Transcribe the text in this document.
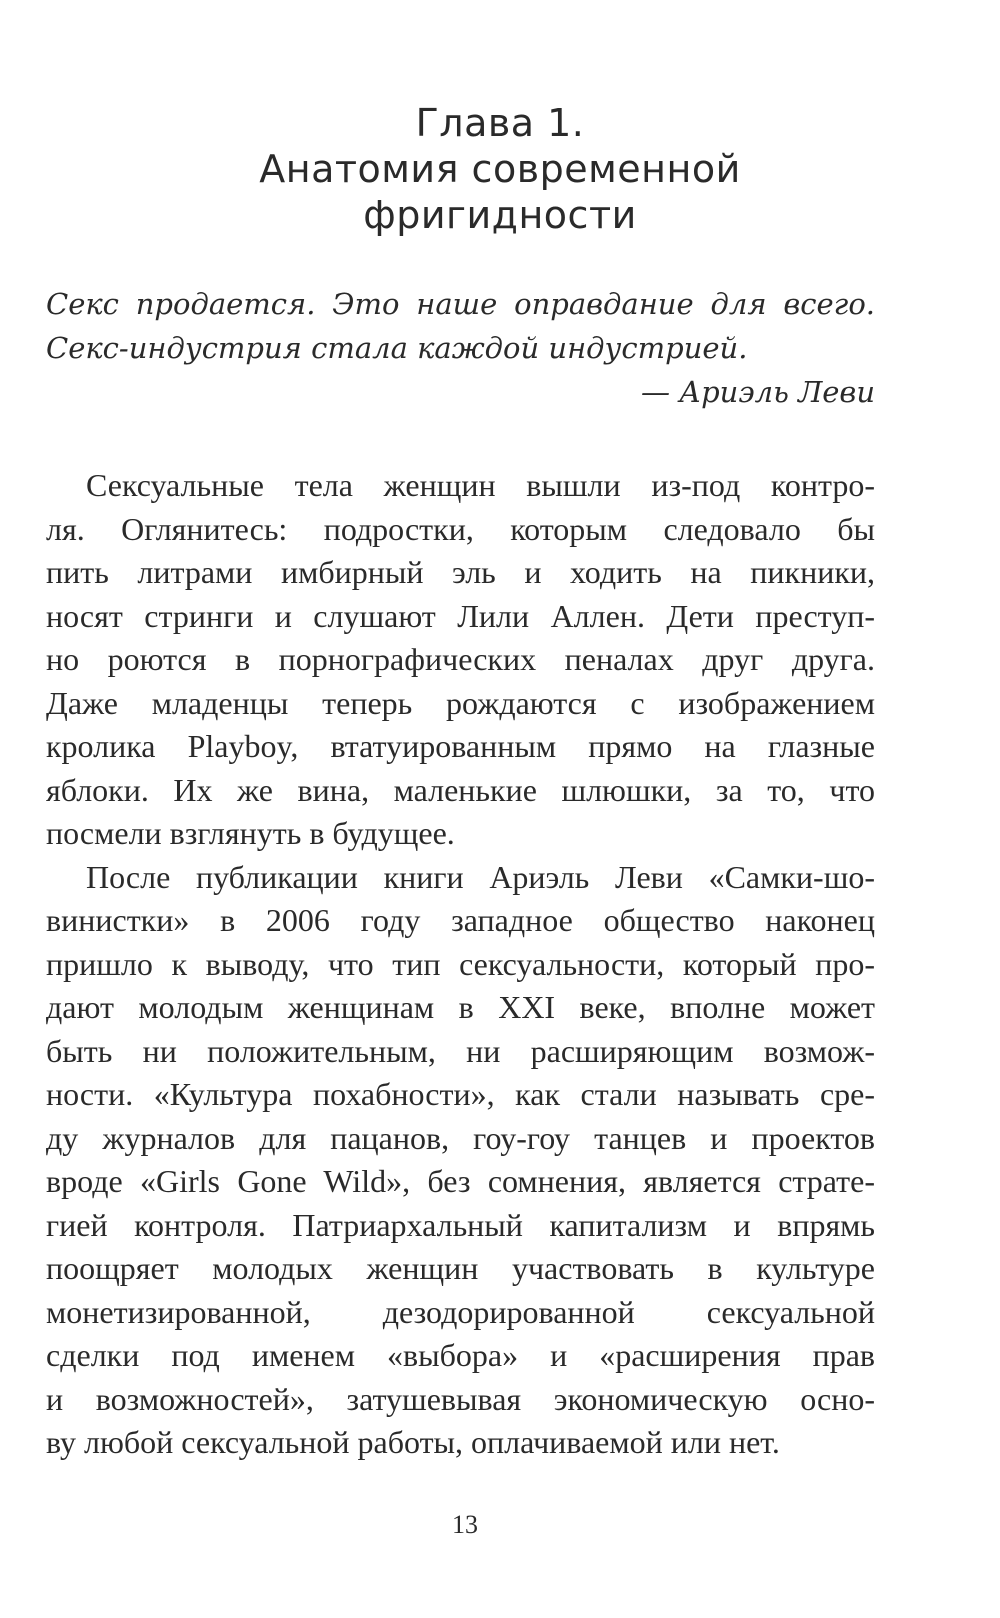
Глава 1.
Анатомия современной
фригидности
Секс продается. Это наше оправдание для всего.
Секс-индустрия стала каждой индустрией.
— Ариэль Леви
Сексуальные тела женщин вышли из-под контро-
ля. Оглянитесь: подростки, которым следовало бы
пить литрами имбирный эль и ходить на пикники,
носят стринги и слушают Лили Аллен. Дети преступ-
но роются в порнографических пеналах друг друга.
Даже младенцы теперь рождаются с изображением
кролика Playboy, втатуированным прямо на глазные
яблоки. Их же вина, маленькие шлюшки, за то, что
посмели взглянуть в будущее.
После публикации книги Ариэль Леви «Самки-шо-
винистки» в 2006 году западное общество наконец
пришло к выводу, что тип сексуальности, который про-
дают молодым женщинам в XXI веке, вполне может
быть ни положительным, ни расширяющим возмож-
ности. «Культура похабности», как стали называть сре-
ду журналов для пацанов, гоу-гоу танцев и проектов
вроде «Girls Gone Wild», без сомнения, является страте-
гией контроля. Патриархальный капитализм и впрямь
поощряет молодых женщин участвовать в культуре
монетизированной, дезодорированной сексуальной
сделки под именем «выбора» и «расширения прав
и возможностей», затушевывая экономическую осно-
ву любой сексуальной работы, оплачиваемой или нет.
13
